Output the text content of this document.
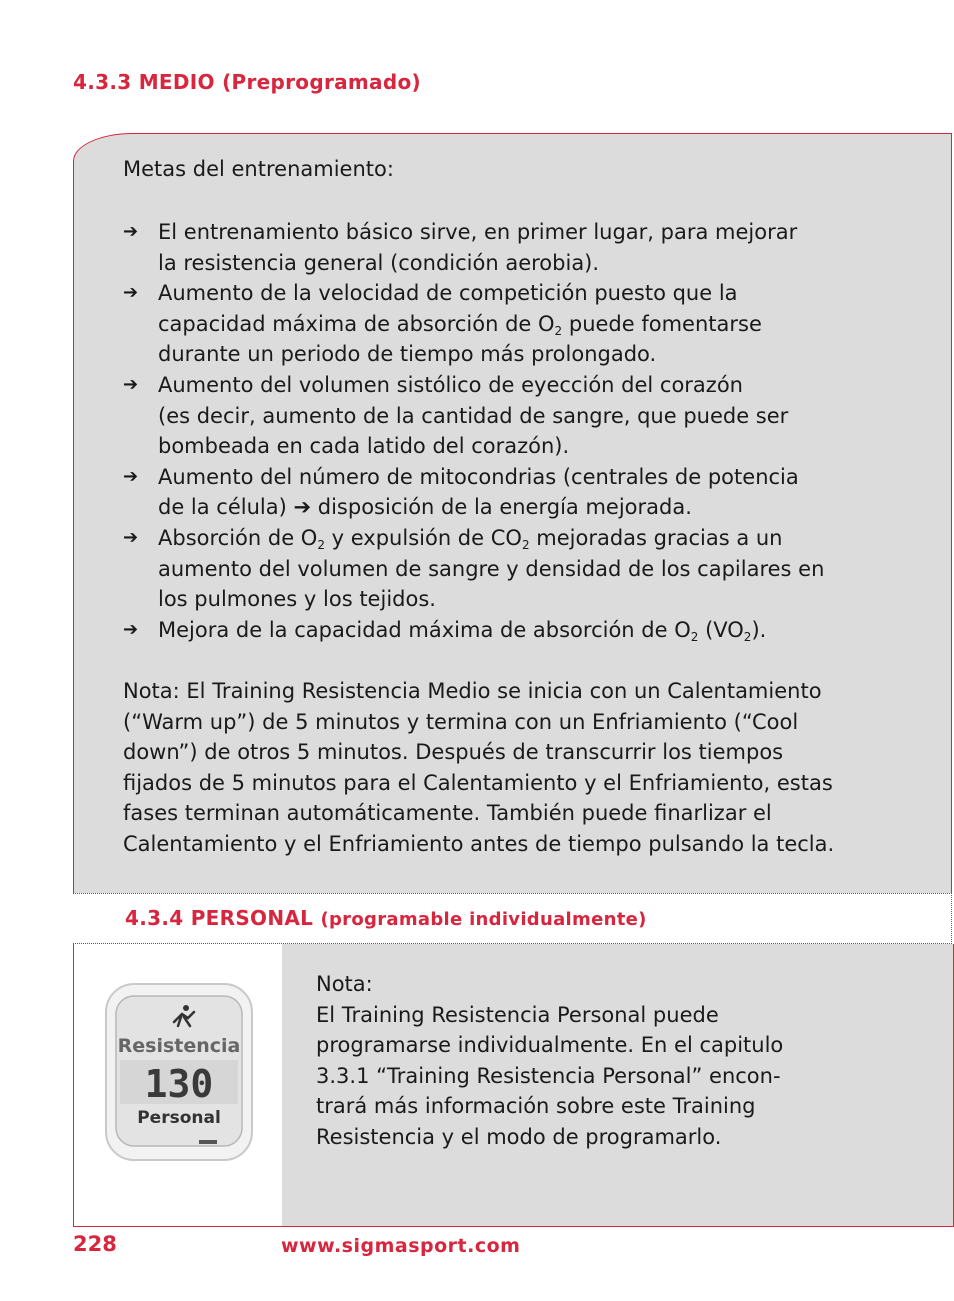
4.3.3 MEDIO (Preprogramado)
Metas del entrenamiento:
➔ El entrenamiento básico sirve, en primer lugar, para mejorar
la resistencia general (condición aerobia).
➔ Aumento de la velocidad de competición puesto que la
capacidad máxima de absorción de $O_2$ puede fomentarse
durante un periodo de tiempo más prolongado.
➔ Aumento del volumen sistólico de eyección del corazón
(es decir, aumento de la cantidad de sangre, que puede ser
bombeada en cada latido del corazón).
➔ Aumento del número de mitocondrias (centrales de potencia
de la célula) ➔ disposición de la energía mejorada.
➔ Absorción de $O_2$ y expulsión de $CO_2$ mejoradas gracias a un
aumento del volumen de sangre y densidad de los capilares en
los pulmones y los tejidos.
➔ Mejora de la capacidad máxima de absorción de $O_2$ $(VO_2)$.
Nota: El Training Resistencia Medio se inicia con un Calentamiento
(“Warm up”) de 5 minutos y termina con un Enfriamiento (“Cool
down”) de otros 5 minutos. Después de transcurrir los tiempos
fijados de 5 minutos para el Calentamiento y el Enfriamiento, estas
fases terminan automáticamente. También puede finarlizar el
Calentamiento y el Enfriamiento antes de tiempo pulsando la tecla.
4.3.4 PERSONAL (programable individualmente)
Resistencia
130
Personal
Nota:
El Training Resistencia Personal puede
programarse individualmente. En el capitulo
3.3.1 “Training Resistencia Personal” encon-
trará más información sobre este Training
Resistencia y el modo de programarlo.
228	www.sigmasport.com
